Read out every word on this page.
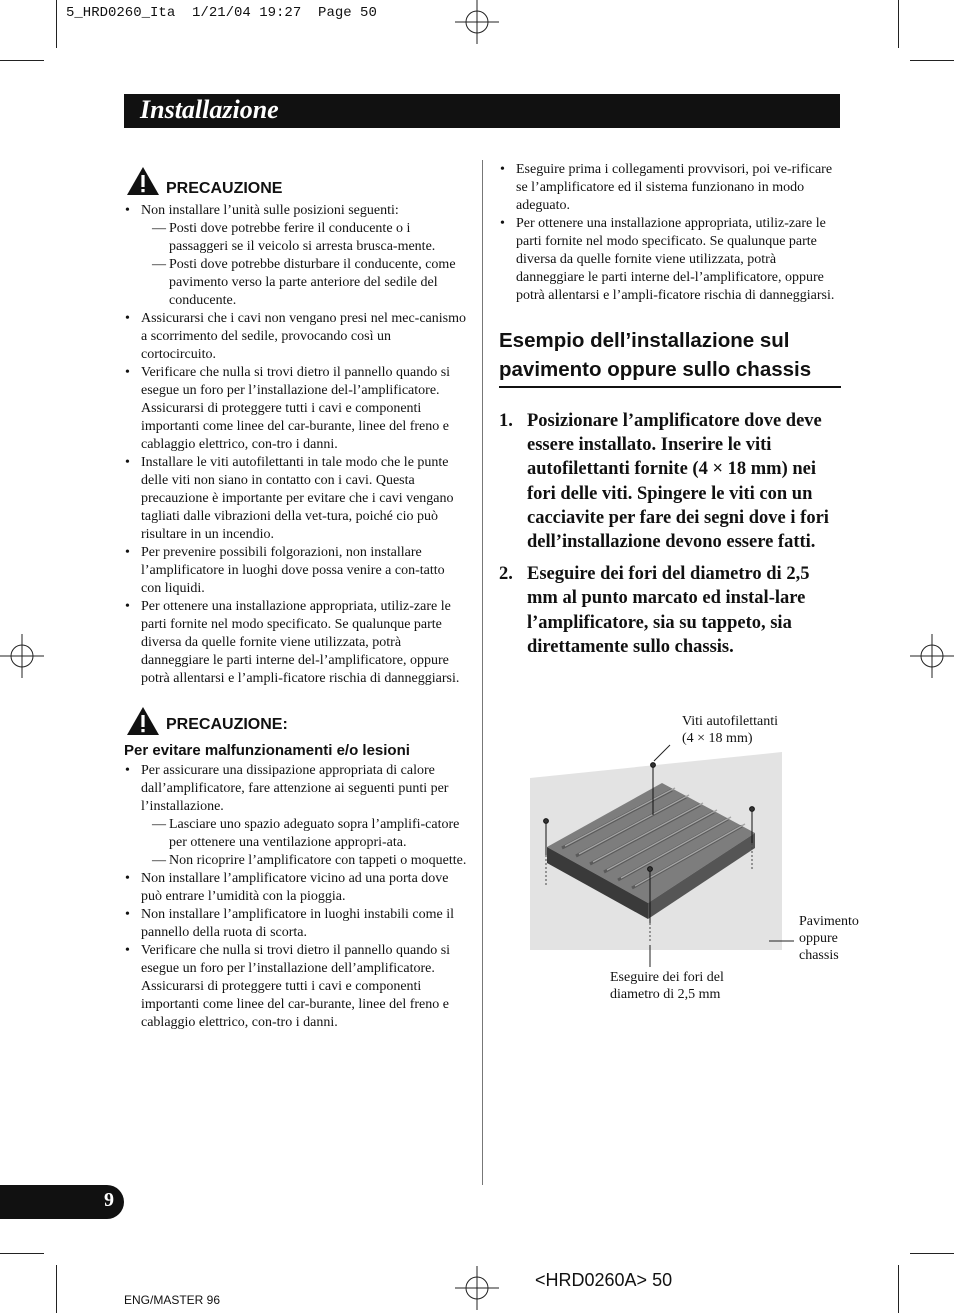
5_HRD0260_Ita  1/21/04 19:27  Page 50
Installazione
PRECAUZIONE
• Non installare l’unità sulle posizioni seguenti:
— Posti dove potrebbe ferire il conducente o i passaggeri se il veicolo si arresta brusca-mente.
— Posti dove potrebbe disturbare il conducente, come pavimento verso la parte anteriore del sedile del conducente.
• Assicurarsi che i cavi non vengano presi nel mec-canismo a scorrimento del sedile, provocando così un cortocircuito.
• Verificare che nulla si trovi dietro il pannello quando si esegue un foro per l’installazione del-l’amplificatore. Assicurarsi di proteggere tutti i cavi e componenti importanti come linee del car-burante, linee del freno e cablaggio elettrico, con-tro i danni.
• Installare le viti autofilettanti in tale modo che le punte delle viti non siano in contatto con i cavi. Questa precauzione è importante per evitare che i cavi vengano tagliati dalle vibrazioni della vet-tura, poiché cio può risultare in un incendio.
• Per prevenire possibili folgorazioni, non installare l’amplificatore in luoghi dove possa venire a con-tatto con liquidi.
• Per ottenere una installazione appropriata, utiliz-zare le parti fornite nel modo specificato. Se qualunque parte diversa da quelle fornite viene utilizzata, potrà danneggiare le parti interne del-l’amplificatore, oppure potrà allentarsi e l’ampli-ficatore rischia di danneggiarsi.
PRECAUZIONE:
Per evitare malfunzionamenti e/o lesioni
• Per assicurare una dissipazione appropriata di calore dall’amplificatore, fare attenzione ai seguenti punti per l’installazione.
— Lasciare uno spazio adeguato sopra l’amplifi-catore per ottenere una ventilazione appropri-ata.
— Non ricoprire l’amplificatore con tappeti o moquette.
• Non installare l’amplificatore vicino ad una porta dove può entrare l’umidità con la pioggia.
• Non installare l’amplificatore in luoghi instabili come il pannello della ruota di scorta.
• Verificare che nulla si trovi dietro il pannello quando si esegue un foro per l’installazione dell’amplificatore. Assicurarsi di proteggere tutti i cavi e componenti importanti come linee del car-burante, linee del freno e cablaggio elettrico, con-tro i danni.
• Eseguire prima i collegamenti provvisori, poi ve-rificare se l’amplificatore ed il sistema funzionano in modo adeguato.
• Per ottenere una installazione appropriata, utiliz-zare le parti fornite nel modo specificato. Se qualunque parte diversa da quelle fornite viene utilizzata, potrà danneggiare le parti interne del-l’amplificatore, oppure potrà allentarsi e l’ampli-ficatore rischia di danneggiarsi.
Esempio dell’installazione sul
pavimento oppure sullo chassis
1. Posizionare l’amplificatore dove deve essere installato. Inserire le viti autofilettanti fornite (4 × 18 mm) nei fori delle viti. Spingere le viti con un cacciavite per fare dei segni dove i fori dell’installazione devono essere fatti.
2. Eseguire dei fori del diametro di 2,5 mm al punto marcato ed instal-lare l’amplificatore, sia su tappeto, sia direttamente sullo chassis.
Viti autofilettanti
(4 × 18 mm)
Pavimento
oppure
chassis
Eseguire dei fori del
diametro di 2,5 mm
9
ENG/MASTER 96
<HRD0260A> 50
